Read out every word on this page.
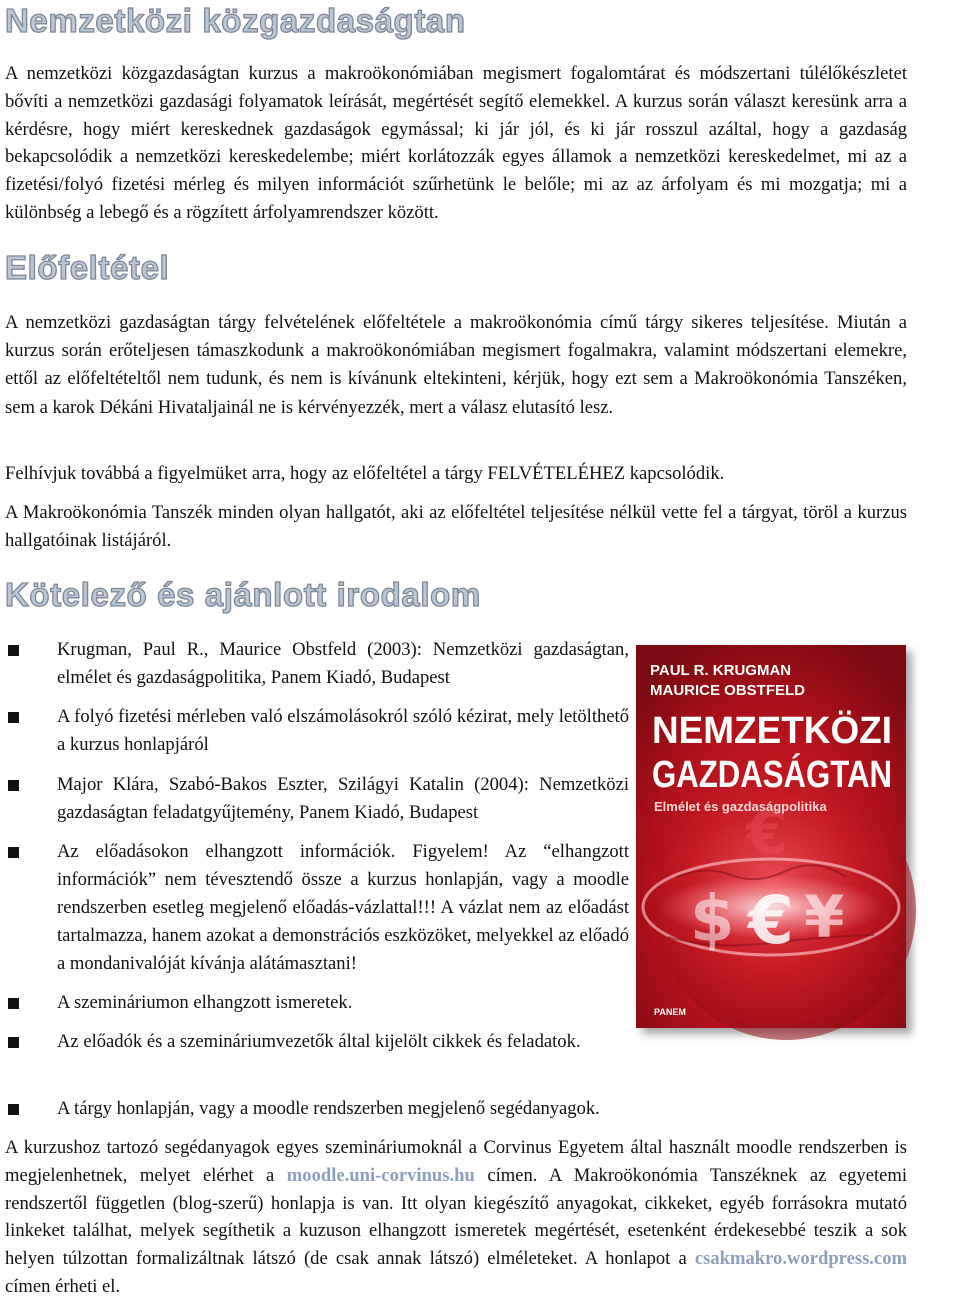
Nemzetközi közgazdaságtan

A nemzetközi közgazdaságtan kurzus a makroökonómiában megismert fogalomtárat és módszertani túlélőkészletet bővíti a nemzetközi gazdasági folyamatok leírását, megértését segítő elemekkel. A kurzus során választ keresünk arra a kérdésre, hogy miért kereskednek gazdaságok egymással; ki jár jól, és ki jár rosszul azáltal, hogy a gazdaság bekapcsolódik a nemzetközi kereskedelembe; miért korlátozzák egyes államok a nemzetközi kereskedelmet, mi az a fizetési/folyó fizetési mérleg és milyen információt szűrhetünk le belőle; mi az az árfolyam és mi mozgatja; mi a különbség a lebegő és a rögzített árfolyamrendszer között.

Előfeltétel

A nemzetközi gazdaságtan tárgy felvételének előfeltétele a makroökonómia című tárgy sikeres teljesítése. Miután a kurzus során erőteljesen támaszkodunk a makroökonómiában megismert fogalmakra, valamint módszertani elemekre, ettől az előfeltételtől nem tudunk, és nem is kívánunk eltekinteni, kérjük, hogy ezt sem a Makroökonómia Tanszéken, sem a karok Dékáni Hivataljainál ne is kérvényezzék, mert a válasz elutasító lesz.

Felhívjuk továbbá a figyelmüket arra, hogy az előfeltétel a tárgy FELVÉTELÉHEZ kapcsolódik.

A Makroökonómia Tanszék minden olyan hallgatót, aki az előfeltétel teljesítése nélkül vette fel a tárgyat, töröl a kurzus hallgatóinak listájáról.

Kötelező és ajánlott irodalom
Krugman, Paul R., Maurice Obstfeld (2003): Nemzetközi gazdaságtan, elmélet és gazdaságpolitika, Panem Kiadó, Budapest
A folyó fizetési mérleben való elszámolásokról szóló kézirat, mely letölthető a kurzus honlapjáról
Major Klára, Szabó-Bakos Eszter, Szilágyi Katalin (2004): Nemzetközi gazdaságtan feladatgyűjtemény, Panem Kiadó, Budapest
Az előadásokon elhangzott információk. Figyelem! Az “elhangzott információk” nem tévesztendő össze a kurzus honlapján, vagy a moodle rendszerben esetleg megjelenő előadás-vázlattal!!! A vázlat nem az előadást tartalmazza, hanem azokat a demonstrációs eszközöket, melyekkel az előadó a mondanivalóját kívánja alátámasztani!
A szemináriumon elhangzott ismeretek.
Az előadók és a szemináriumvezetők által kijelölt cikkek és feladatok.
A tárgy honlapján, vagy a moodle rendszerben megjelenő segédanyagok.

A kurzushoz tartozó segédanyagok egyes szemináriumoknál a Corvinus Egyetem által használt moodle rendszerben is megjelenhetnek, melyet elérhet a moodle.uni-corvinus.hu címen. A Makroökonómia Tanszéknek az egyetemi rendszertől független (blog-szerű) honlapja is van. Itt olyan kiegészítő anyagokat, cikkeket, egyéb forrásokra mutató linkeket találhat, melyek segíthetik a kuzuson elhangzott ismeretek megértését, esetenként érdekesebbé teszik a sok helyen túlzottan formalizáltnak látszó (de csak annak látszó) elméleteket. A honlapot a csakmakro.wordpress.com címen érheti el.

€
$ € ¥
PAUL R. KRUGMAN
MAURICE OBSTFELD
NEMZETKÖZI
GAZDASÁGTAN
Elmélet és gazdaságpolitika
PANEM
